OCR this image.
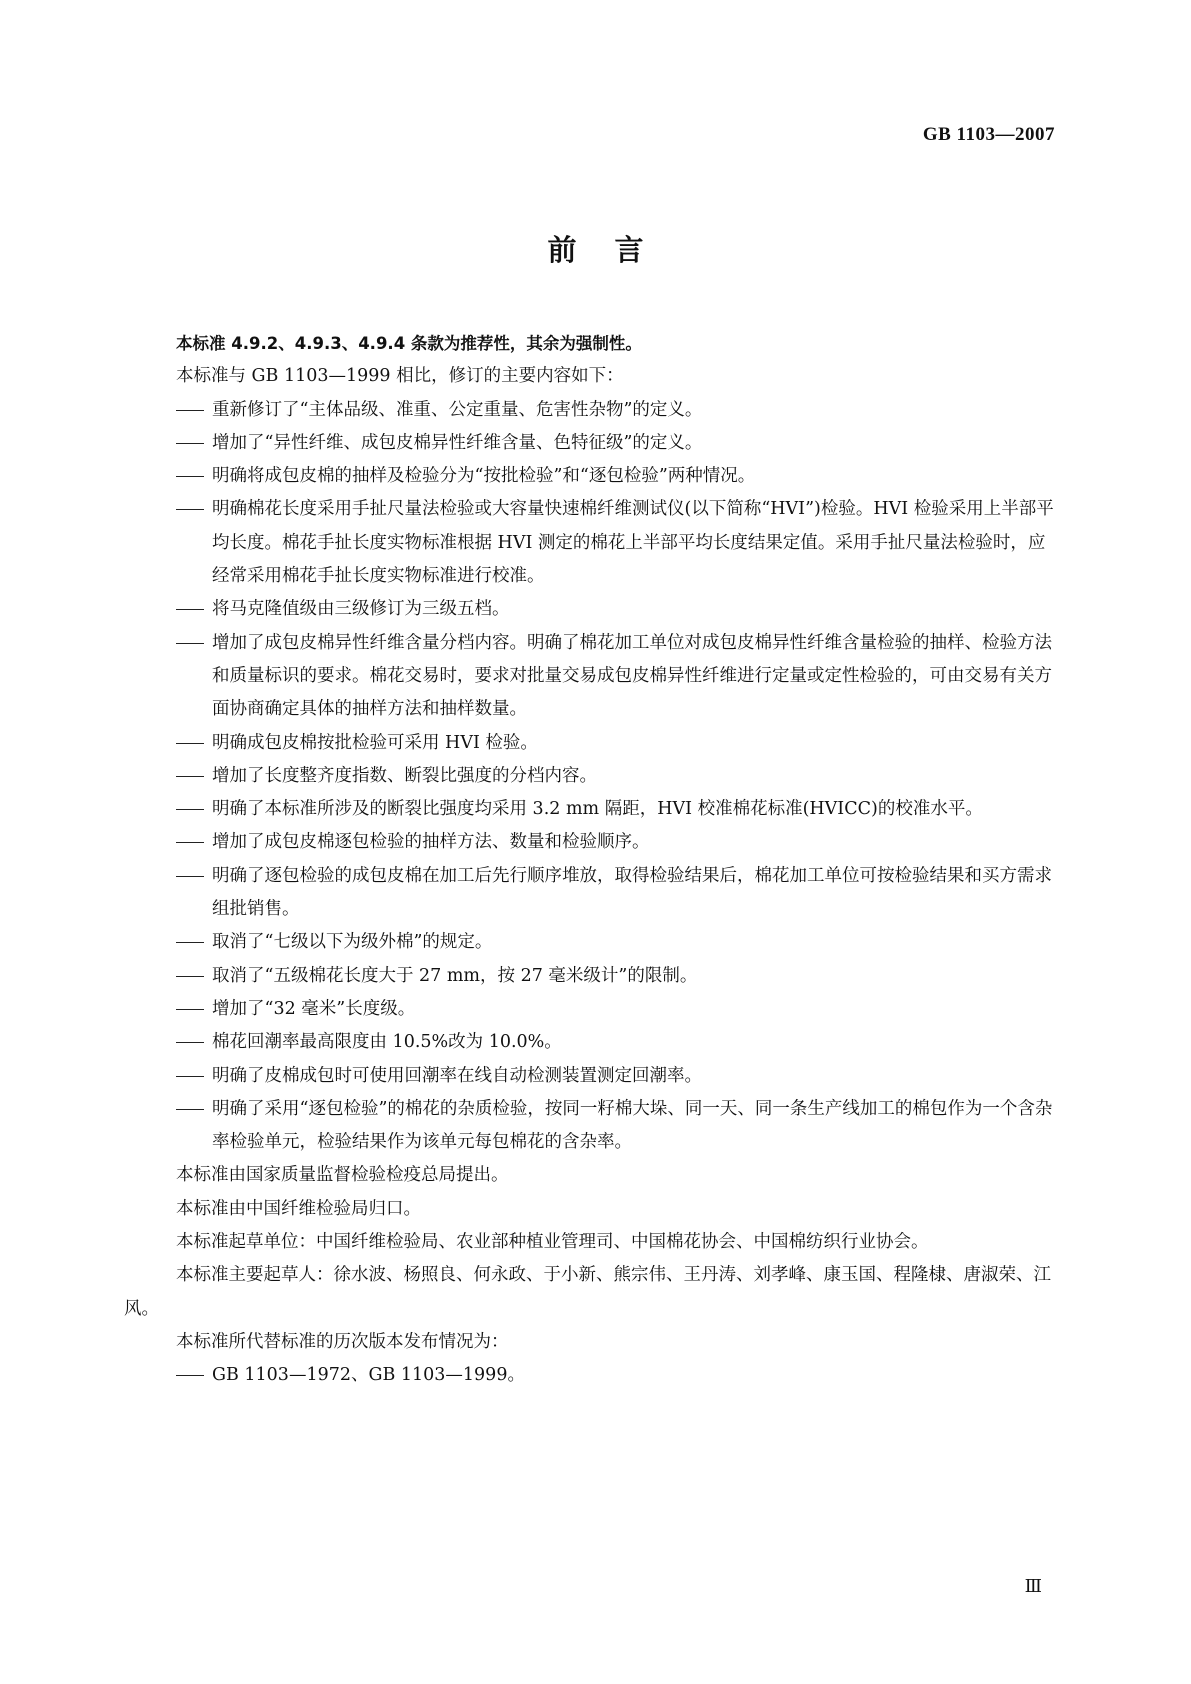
GB 1103—2007
前言

本标准 4.9.2、4.9.3、4.9.4 条款为推荐性，其余为强制性。

本标准与 GB 1103—1999 相比，修订的主要内容如下：

重新修订了“主体品级、准重、公定重量、危害性杂物”的定义。

增加了“异性纤维、成包皮棉异性纤维含量、色特征级”的定义。

明确将成包皮棉的抽样及检验分为“按批检验”和“逐包检验”两种情况。

明确棉花长度采用手扯尺量法检验或大容量快速棉纤维测试仪(以下简称“HVI”)检验。HVI 检验采用上半部平均长度。棉花手扯长度实物标准根据 HVI 测定的棉花上半部平均长度结果定值。采用手扯尺量法检验时，应经常采用棉花手扯长度实物标准进行校准。

将马克隆值级由三级修订为三级五档。

增加了成包皮棉异性纤维含量分档内容。明确了棉花加工单位对成包皮棉异性纤维含量检验的抽样、检验方法和质量标识的要求。棉花交易时，要求对批量交易成包皮棉异性纤维进行定量或定性检验的，可由交易有关方面协商确定具体的抽样方法和抽样数量。

明确成包皮棉按批检验可采用 HVI 检验。

增加了长度整齐度指数、断裂比强度的分档内容。

明确了本标准所涉及的断裂比强度均采用 3.2 mm 隔距，HVI 校准棉花标准(HVICC)的校准水平。

增加了成包皮棉逐包检验的抽样方法、数量和检验顺序。

明确了逐包检验的成包皮棉在加工后先行顺序堆放，取得检验结果后，棉花加工单位可按检验结果和买方需求组批销售。

取消了“七级以下为级外棉”的规定。

取消了“五级棉花长度大于 27 mm，按 27 毫米级计”的限制。

增加了“32 毫米”长度级。

棉花回潮率最高限度由 10.5%改为 10.0%。

明确了皮棉成包时可使用回潮率在线自动检测装置测定回潮率。

明确了采用“逐包检验”的棉花的杂质检验，按同一籽棉大垛、同一天、同一条生产线加工的棉包作为一个含杂率检验单元，检验结果作为该单元每包棉花的含杂率。

本标准由国家质量监督检验检疫总局提出。

本标准由中国纤维检验局归口。

本标准起草单位：中国纤维检验局、农业部种植业管理司、中国棉花协会、中国棉纺织行业协会。

本标准主要起草人：徐水波、杨照良、何永政、于小新、熊宗伟、王丹涛、刘孝峰、康玉国、程隆棣、唐淑荣、江风。

本标准所代替标准的历次版本发布情况为：

GB 1103—1972、GB 1103—1999。

Ⅲ
